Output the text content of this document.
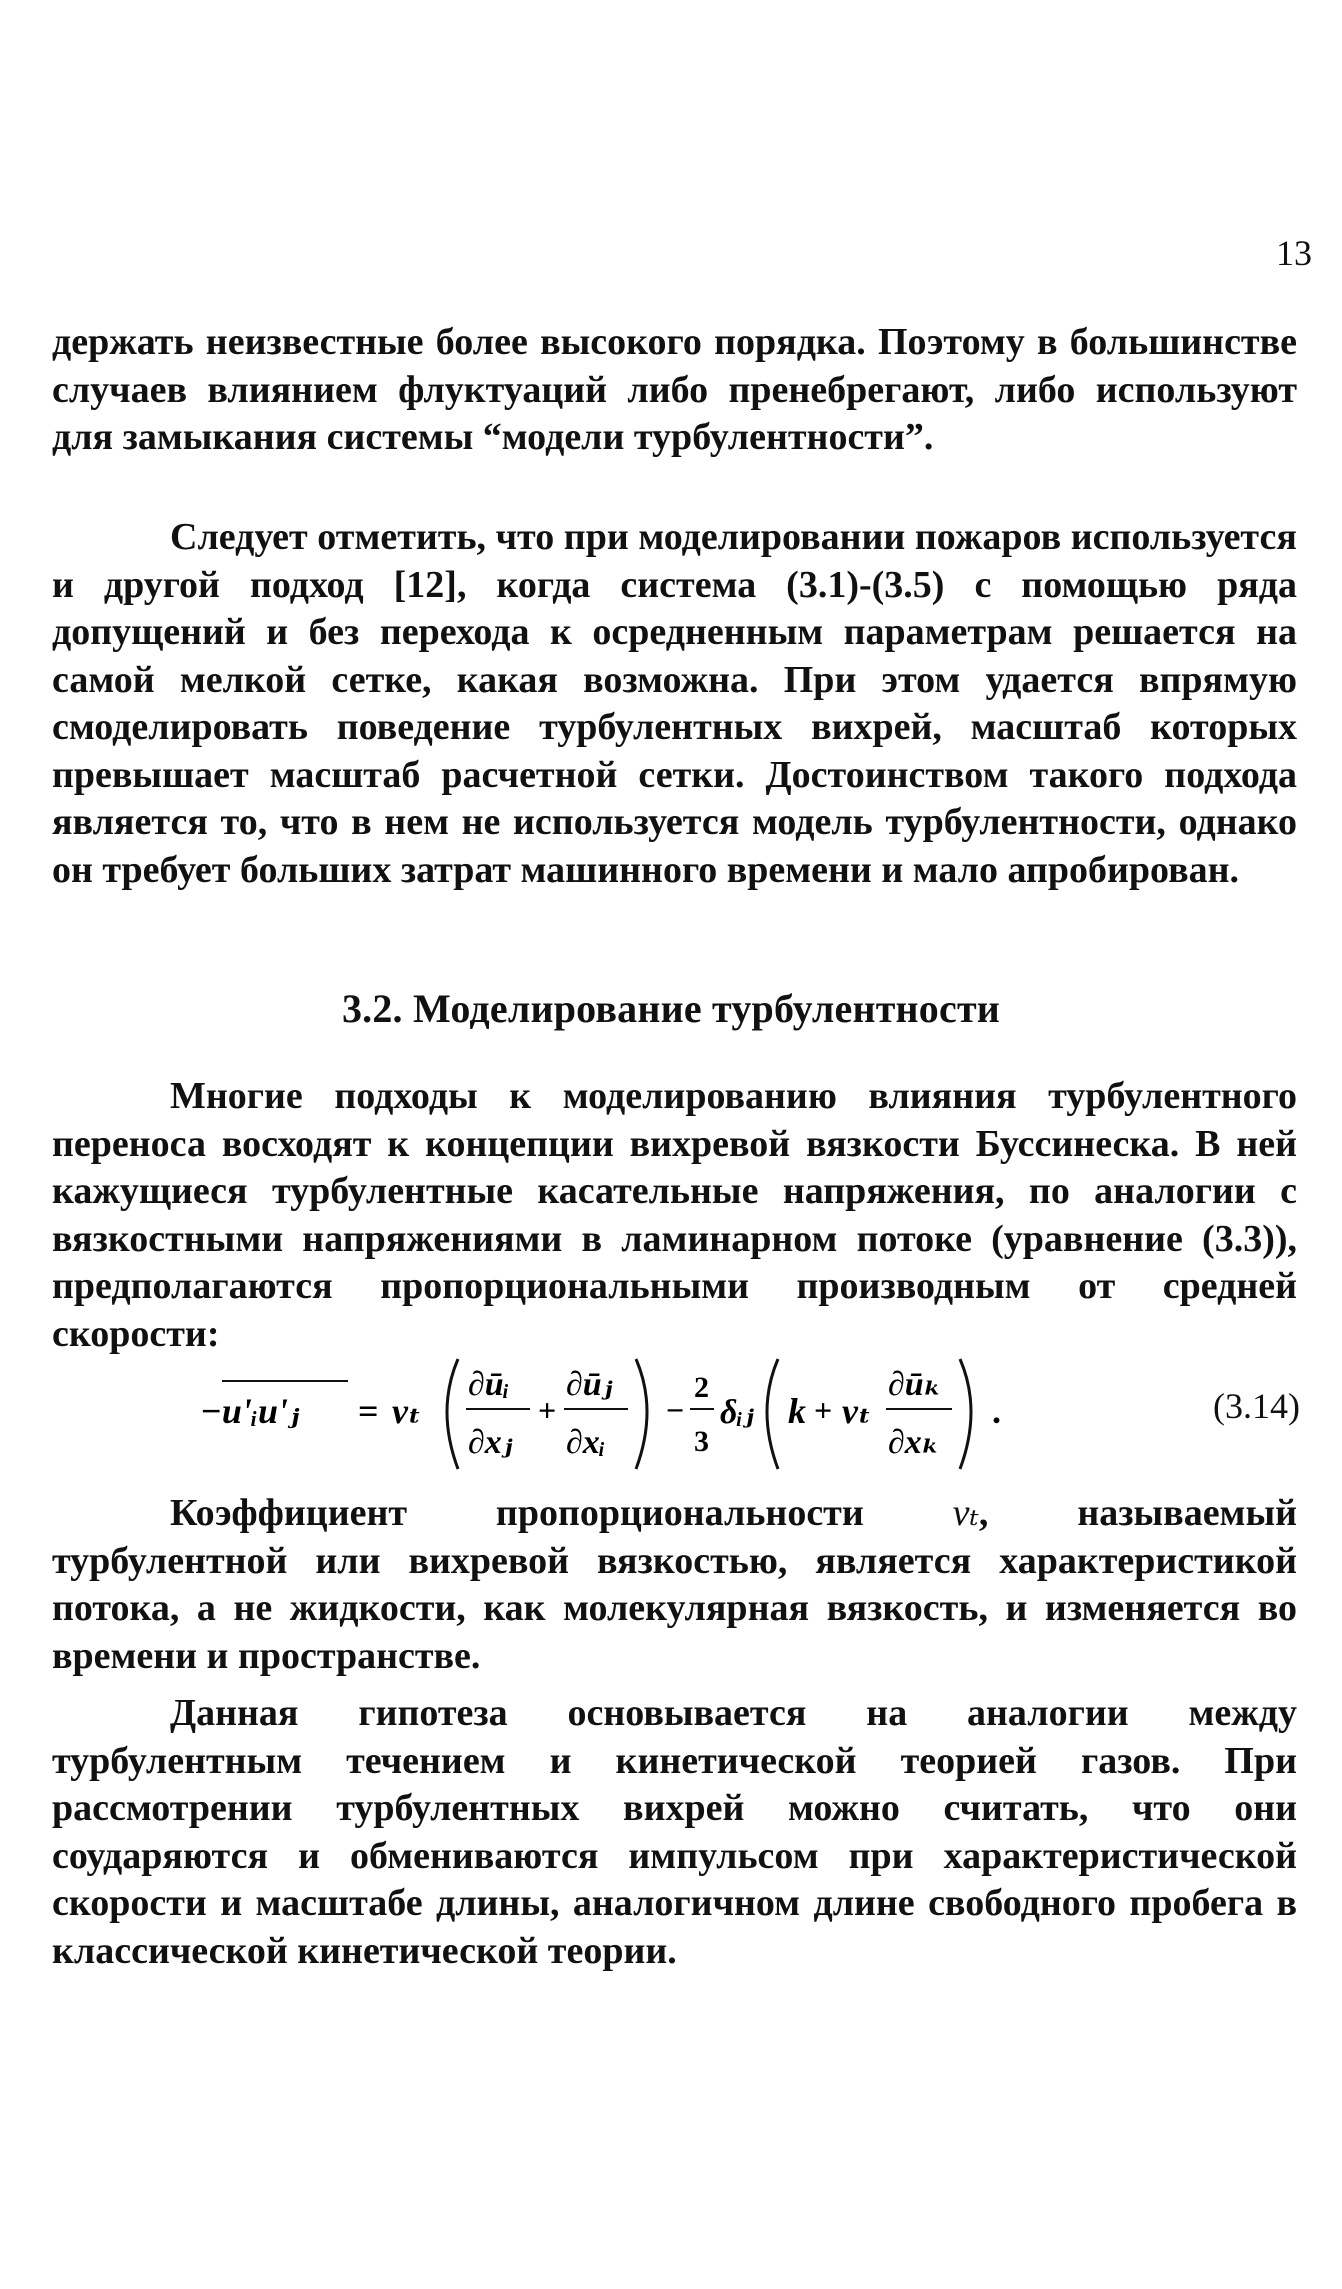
13

держать неизвестные более высокого порядка. Поэтому в большинстве случаев влиянием флуктуаций либо пренебрегают, либо используют для замыкания системы “модели турбулентности”.

Следует отметить, что при моделировании пожаров используется и другой подход [12], когда система (3.1)-(3.5) с помощью ряда допущений и без перехода к осредненным параметрам решается на самой мелкой сетке, какая возможна. При этом удается впрямую смоделировать поведение турбулентных вихрей, масштаб которых превышает масштаб расчетной сетки. Достоинством такого подхода является то, что в нем не используется модель турбулентности, однако он требует больших затрат машинного времени и мало апробирован.

3.2. Моделирование турбулентности

Многие подходы к моделированию влияния турбулентного переноса восходят к концепции вихревой вязкости Буссинеска. В ней кажущиеся турбулентные касательные напряжения, по аналогии с вязкостными напряжениями в ламинарном потоке (уравнение (3.3)), предполагаются пропорциональными производным от средней скорости:

−u'ᵢu'ⱼ = νₜ
∂ūᵢ
∂xⱼ
+
∂ūⱼ
∂xᵢ
−
2
3
δᵢⱼ k + νₜ
∂ūₖ
∂xₖ
.	(3.14)

Коэффициент пропорциональности νₜ, называемый турбулентной или вихревой вязкостью, является характеристикой потока, а не жидкости, как молекулярная вязкость, и изменяется во времени и пространстве.

Данная гипотеза основывается на аналогии между турбулентным течением и кинетической теорией газов. При рассмотрении турбулентных вихрей можно считать, что они соударяются и обмениваются импульсом при характеристической скорости и масштабе длины, аналогичном длине свободного пробега в классической кинетической теории.
